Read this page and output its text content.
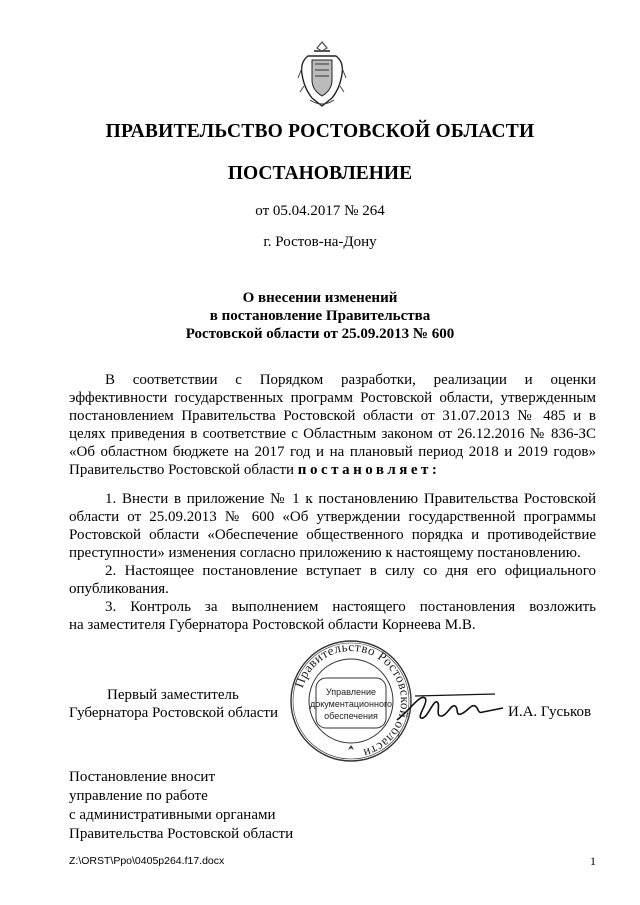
ПРАВИТЕЛЬСТВО РОСТОВСКОЙ ОБЛАСТИ
ПОСТАНОВЛЕНИЕ
от 05.04.2017 № 264
г. Ростов-на-Дону
О внесении изменений
в постановление Правительства
Ростовской области от 25.09.2013 № 600
В соответствии с Порядком разработки, реализации и оценки
эффективности государственных программ Ростовской области, утвержденным
постановлением Правительства Ростовской области от 31.07.2013 № 485 и в
целях приведения в соответствие с Областным законом от 26.12.2016 № 836-ЗС
«Об областном бюджете на 2017 год и на плановый период 2018 и 2019 годов»
Правительство Ростовской области постановляет:
1. Внести в приложение № 1 к постановлению Правительства Ростовской
области от 25.09.2013 № 600 «Об утверждении государственной программы
Ростовской области «Обеспечение общественного порядка и противодействие
преступности» изменения согласно приложению к настоящему постановлению.
2. Настоящее постановление вступает в силу со дня его официального
опубликования.
3. Контроль за выполнением настоящего постановления возложить
на заместителя Губернатора Ростовской области Корнеева М.В.
Первый заместитель
Губернатора Ростовской области
Правительство Ростовской области
Управление
документационного
обеспечения	И.А. Гуськов
Постановление вносит
управление по работе
с административными органами
Правительства Ростовской области
Z:\ORST\Ppo\0405p264.f17.docx	1
